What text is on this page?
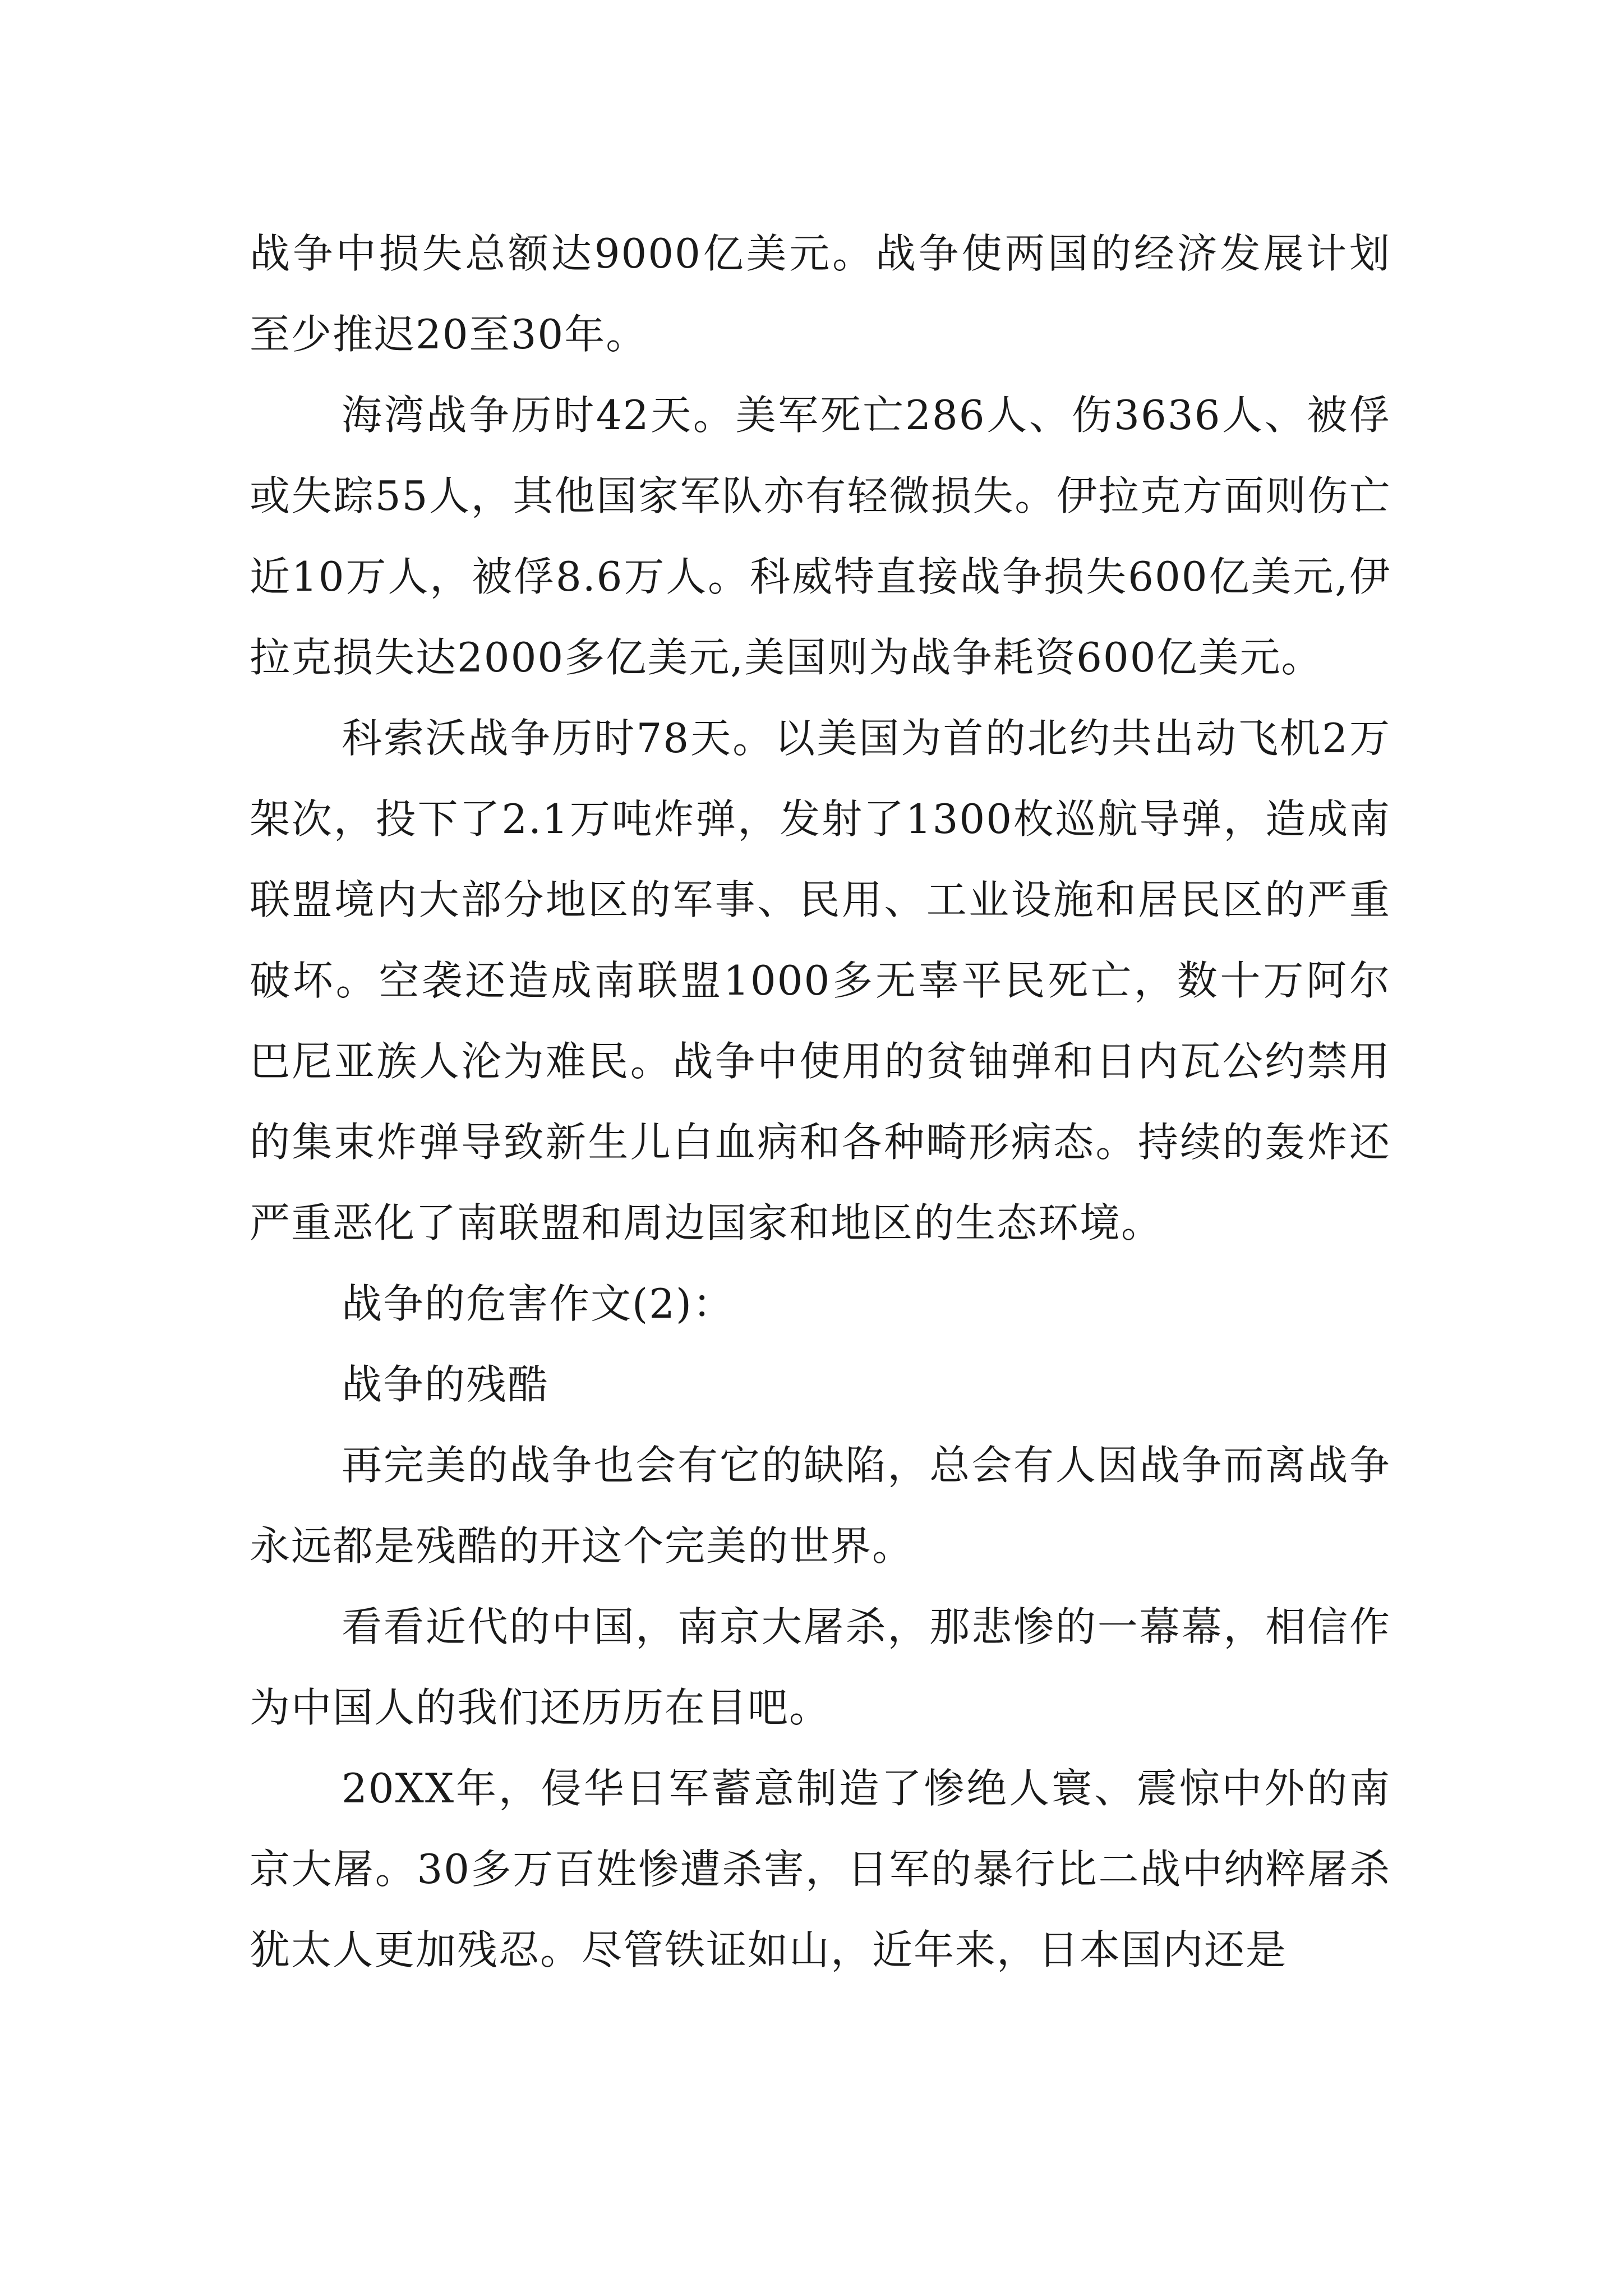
战争中损失总额达9000亿美元。战争使两国的经济发展计划至少推迟20至30年。

海湾战争历时42天。美军死亡286人、伤3636人、被俘或失踪55人，其他国家军队亦有轻微损失。伊拉克方面则伤亡近10万人，被俘8.6万人。科威特直接战争损失600亿美元,伊拉克损失达2000多亿美元,美国则为战争耗资600亿美元。

科索沃战争历时78天。以美国为首的北约共出动飞机2万架次，投下了2.1万吨炸弹，发射了1300枚巡航导弹，造成南联盟境内大部分地区的军事、民用、工业设施和居民区的严重破坏。空袭还造成南联盟1000多无辜平民死亡，数十万阿尔巴尼亚族人沦为难民。战争中使用的贫铀弹和日内瓦公约禁用的集束炸弹导致新生儿白血病和各种畸形病态。持续的轰炸还严重恶化了南联盟和周边国家和地区的生态环境。

战争的危害作文(2)：

战争的残酷

再完美的战争也会有它的缺陷，总会有人因战争而离战争永远都是残酷的开这个完美的世界。

看看近代的中国，南京大屠杀，那悲惨的一幕幕，相信作为中国人的我们还历历在目吧。

20XX年，侵华日军蓄意制造了惨绝人寰、震惊中外的南京大屠。30多万百姓惨遭杀害，日军的暴行比二战中纳粹屠杀犹太人更加残忍。尽管铁证如山，近年来，日本国内还是
